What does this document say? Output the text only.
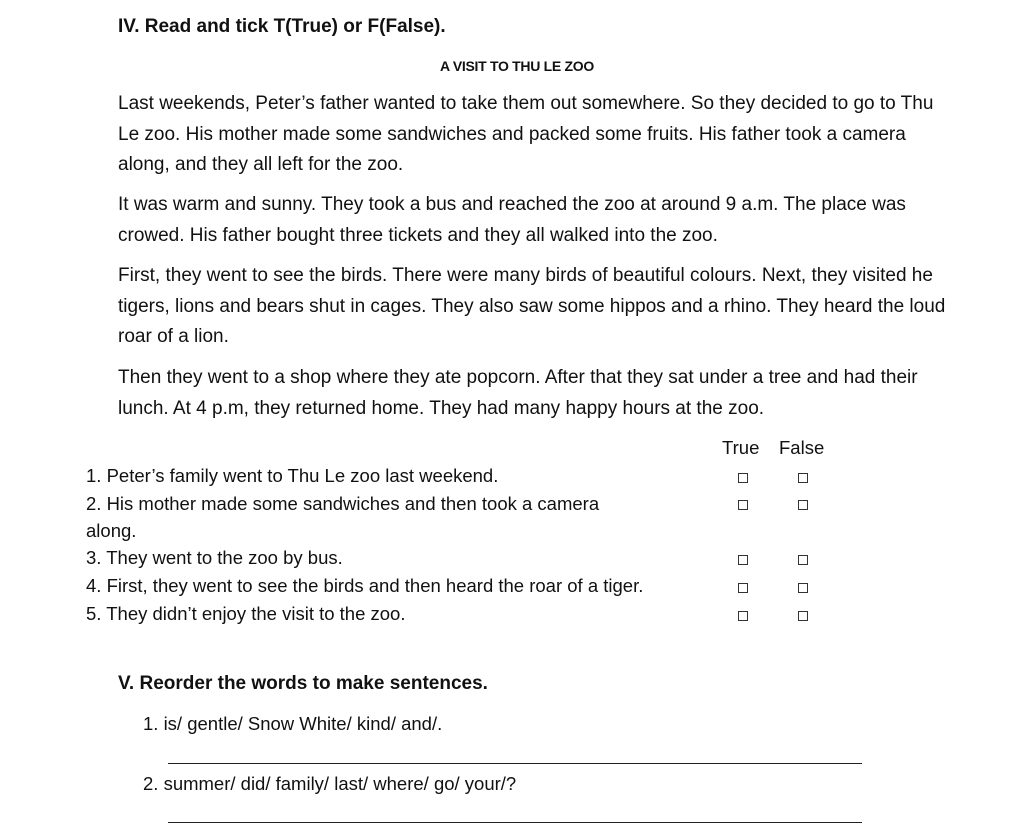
IV. Read and tick T(True) or F(False).
A VISIT TO THU LE ZOO

Last weekends, Peter’s father wanted to take them out somewhere. So they decided to go to Thu Le zoo. His mother made some sandwiches and packed some fruits. His father took a camera along, and they all left for the zoo.

It was warm and sunny. They took a bus and reached the zoo at around 9 a.m. The place was crowed. His father bought three tickets and they all walked into the zoo.

First, they went to see the birds. There were many birds of beautiful colours. Next, they visited he tigers, lions and bears shut in cages. They also saw some hippos and a rhino. They heard the loud roar of a lion.

Then they went to a shop where they ate popcorn. After that they sat under a tree and had their lunch. At 4 p.m, they returned home. They had many happy hours at the zoo.

True False
1. Peter’s family went to Thu Le zoo last weekend.
2. His mother made some sandwiches and then took a camera
along.
3. They went to the zoo by bus.
4. First, they went to see the birds and then heard the roar of a tiger.
5. They didn’t enjoy the visit to the zoo.
V. Reorder the words to make sentences.
1. is/ gentle/ Snow White/ kind/ and/.
2. summer/ did/ family/ last/ where/ go/ your/?
